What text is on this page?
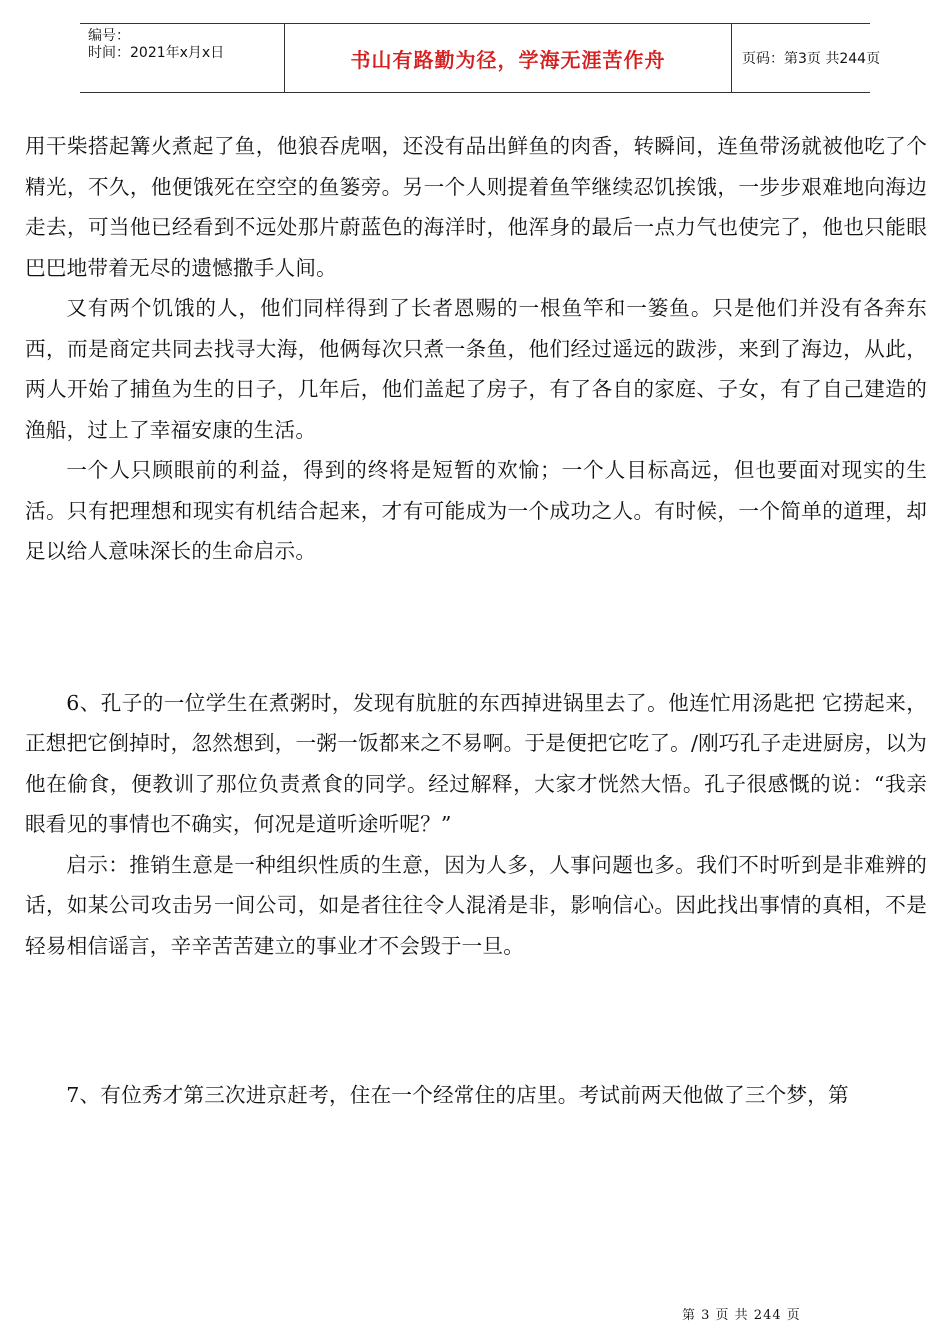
编号：
时间：2021年x月x日	书山有路勤为径，学海无涯苦作舟	页码：第3页 共244页

用干柴搭起篝火煮起了鱼，他狼吞虎咽，还没有品出鲜鱼的肉香，转瞬间，连鱼带汤就被他吃了个精光，不久，他便饿死在空空的鱼篓旁。另一个人则提着鱼竿继续忍饥挨饿，一步步艰难地向海边走去，可当他已经看到不远处那片蔚蓝色的海洋时，他浑身的最后一点力气也使完了，他也只能眼巴巴地带着无尽的遗憾撒手人间。

又有两个饥饿的人，他们同样得到了长者恩赐的一根鱼竿和一篓鱼。只是他们并没有各奔东西，而是商定共同去找寻大海，他俩每次只煮一条鱼，他们经过遥远的跋涉，来到了海边，从此，两人开始了捕鱼为生的日子，几年后，他们盖起了房子，有了各自的家庭、子女，有了自己建造的渔船，过上了幸福安康的生活。

一个人只顾眼前的利益，得到的终将是短暂的欢愉；一个人目标高远，但也要面对现实的生活。只有把理想和现实有机结合起来，才有可能成为一个成功之人。有时候，一个简单的道理，却足以给人意味深长的生命启示。

6、孔子的一位学生在煮粥时，发现有肮脏的东西掉进锅里去了。他连忙用汤匙把 它捞起来，正想把它倒掉时，忽然想到，一粥一饭都来之不易啊。于是便把它吃了。/刚巧孔子走进厨房，以为他在偷食，便教训了那位负责煮食的同学。经过解释，大家才恍然大悟。孔子很感慨的说：“我亲眼看见的事情也不确实，何况是道听途听呢？”

启示：推销生意是一种组织性质的生意，因为人多，人事问题也多。我们不时听到是非难辨的话，如某公司攻击另一间公司，如是者往往令人混淆是非，影响信心。因此找出事情的真相，不是轻易相信谣言，辛辛苦苦建立的事业才不会毁于一旦。

7、有位秀才第三次进京赶考，住在一个经常住的店里。考试前两天他做了三个梦，第

第 3 页 共 244 页
